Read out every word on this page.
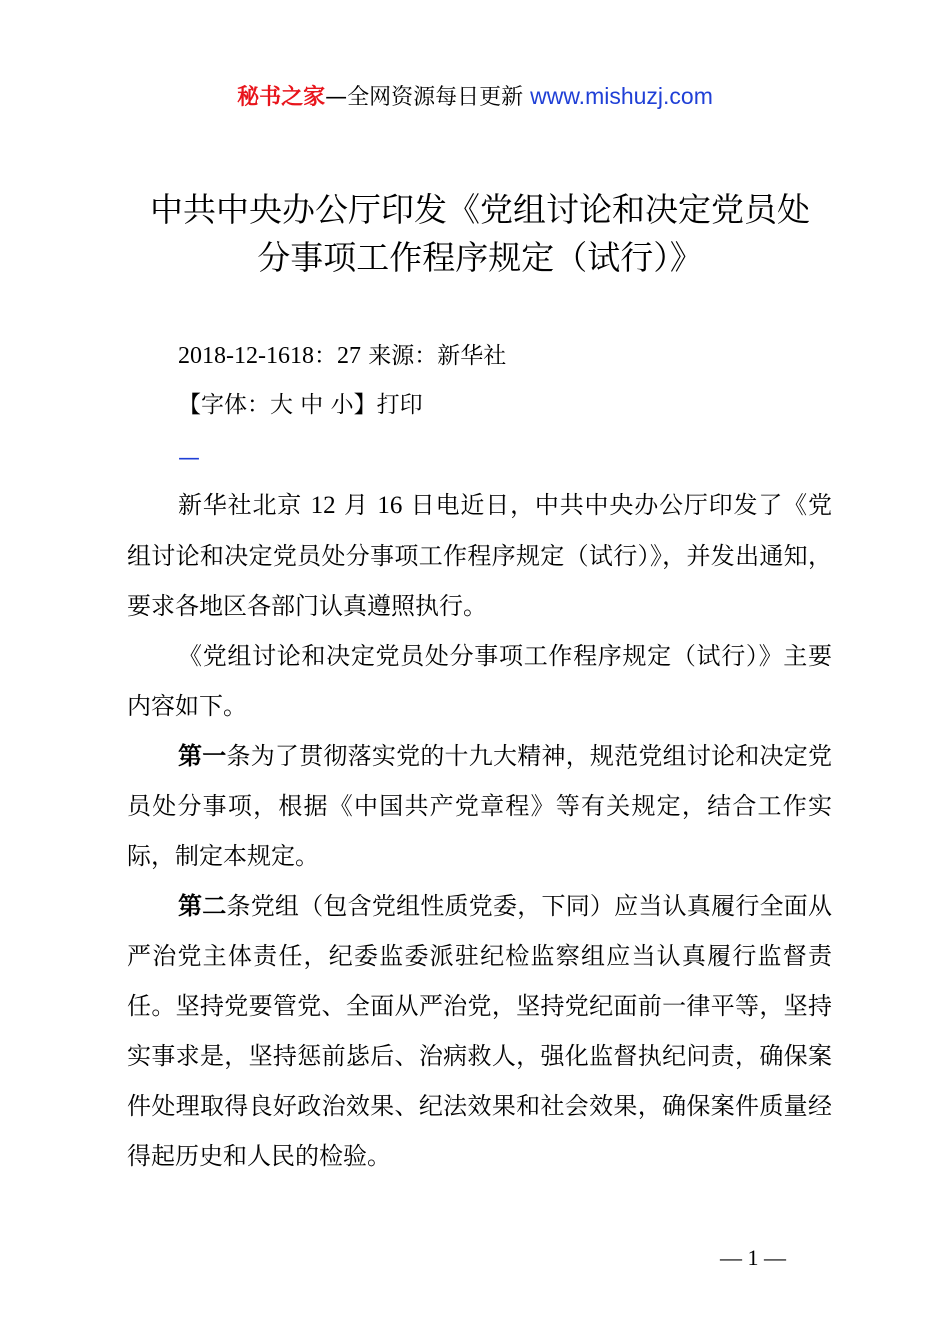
秘书之家—全网资源每日更新 www.mishuzj.com
中共中央办公厅印发《党组讨论和决定党员处
分事项工作程序规定（试行）》
2018-12-1618：27 来源：新华社
【字体：大 中 小】打印
—

新华社北京 12 月 16 日电近日，中共中央办公厅印发了《党组讨论和决定党员处分事项工作程序规定（试行）》，并发出通知，要求各地区各部门认真遵照执行。

《党组讨论和决定党员处分事项工作程序规定（试行）》主要内容如下。

第一条为了贯彻落实党的十九大精神，规范党组讨论和决定党员处分事项，根据《中国共产党章程》等有关规定，结合工作实际，制定本规定。

第二条党组（包含党组性质党委，下同）应当认真履行全面从严治党主体责任，纪委监委派驻纪检监察组应当认真履行监督责任。坚持党要管党、全面从严治党，坚持党纪面前一律平等，坚持实事求是，坚持惩前毖后、治病救人，强化监督执纪问责，确保案件处理取得良好政治效果、纪法效果和社会效果，确保案件质量经得起历史和人民的检验。

— 1 —
